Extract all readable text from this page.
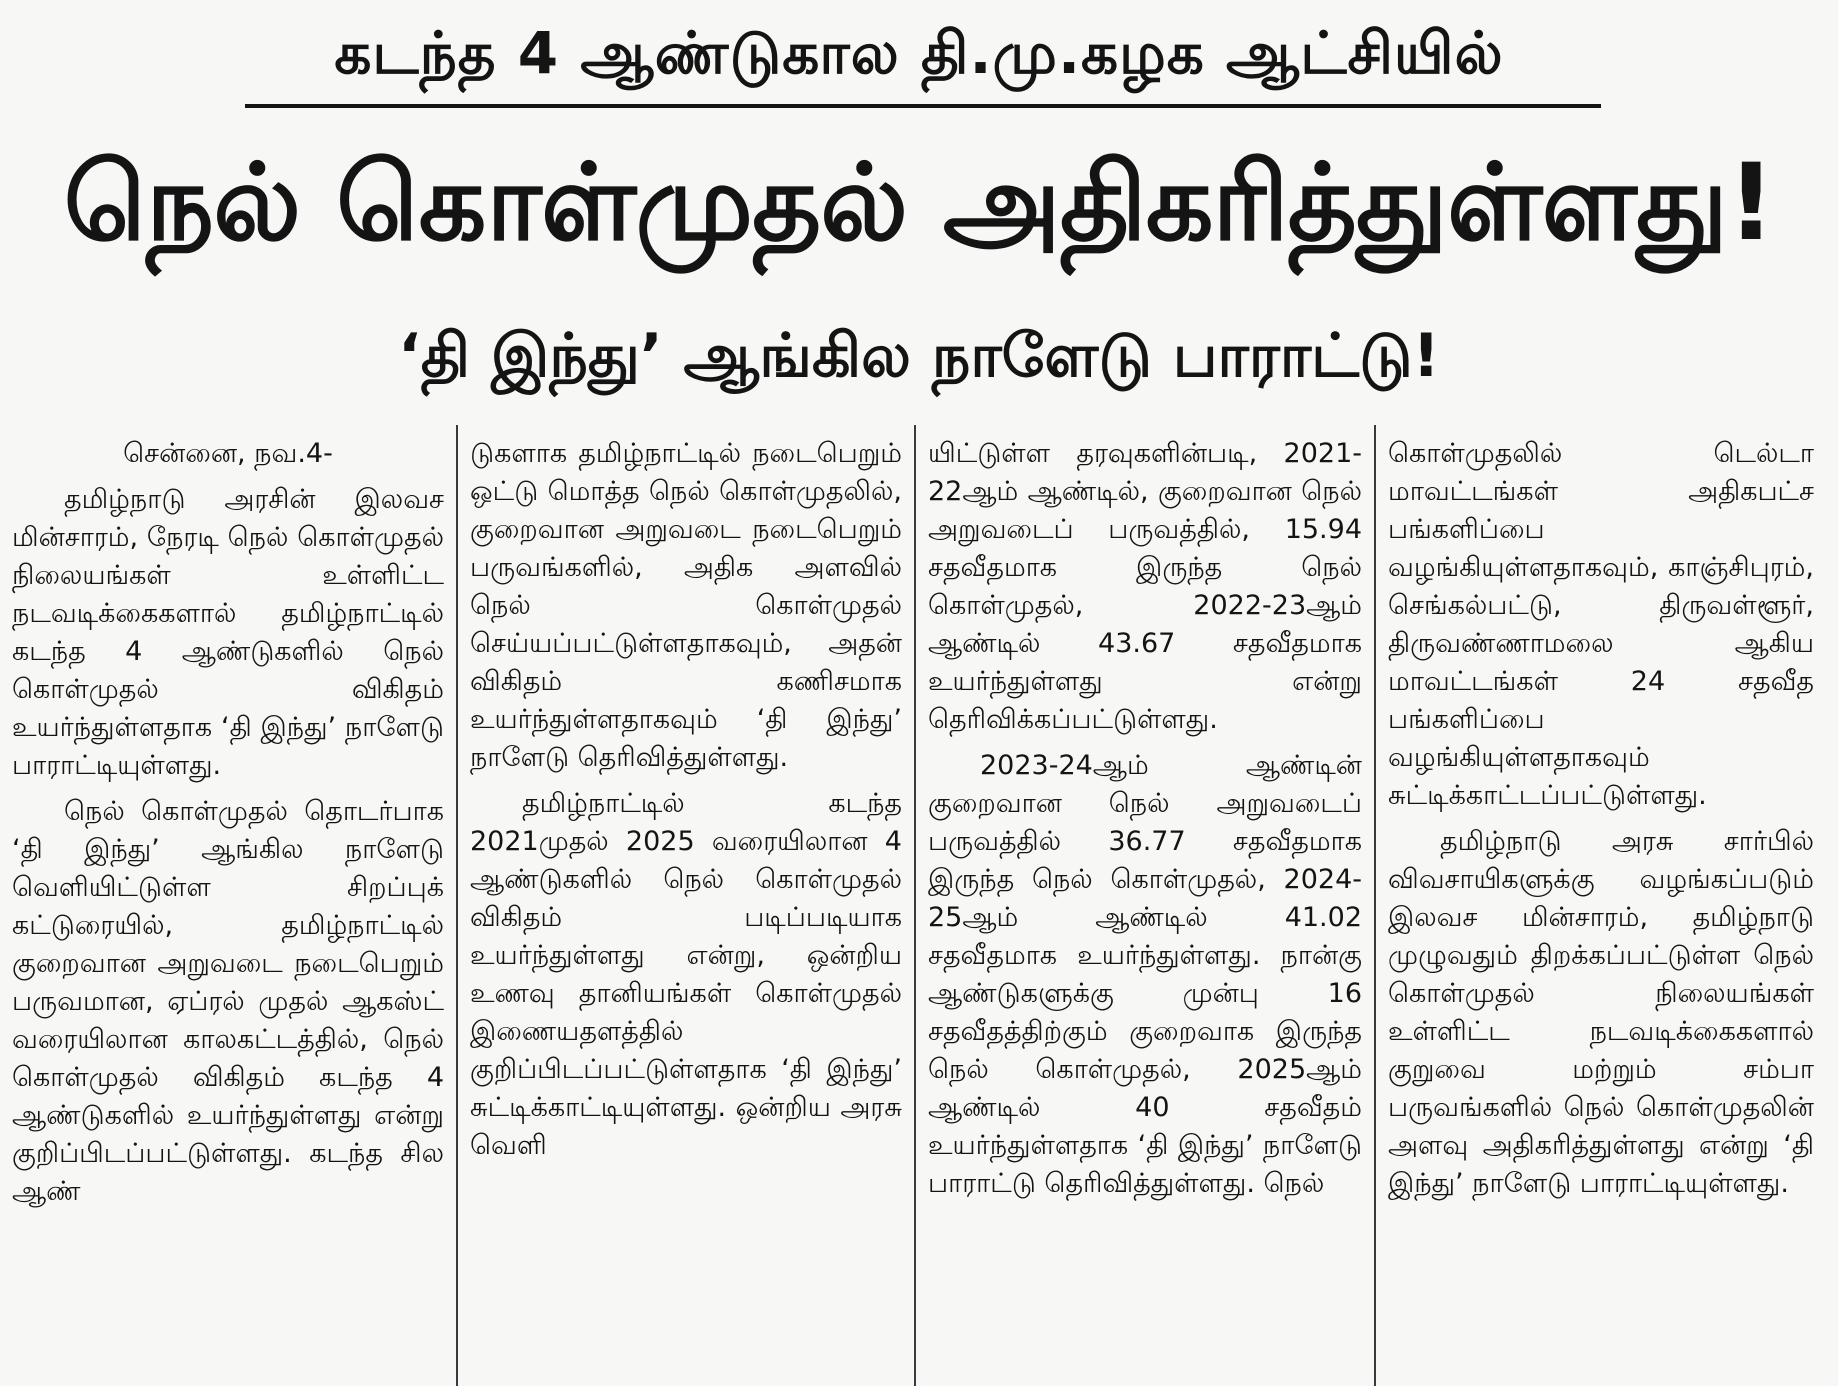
கடந்த 4 ஆண்டுகால தி.மு.கழக ஆட்சியில்
நெல் கொள்முதல் அதிகரித்துள்ளது!
‘தி இந்து’ ஆங்கில நாளேடு பாராட்டு!

சென்னை, நவ.4-

தமிழ்நாடு அரசின் இலவச மின்சாரம், நேரடி நெல் கொள்முதல் நிலையங்கள் உள்ளிட்ட நடவடிக்கைகளால் தமிழ்நாட்டில் கடந்த 4 ஆண்டுகளில் நெல் கொள்முதல் விகிதம் உயர்ந்துள்ளதாக ‘தி இந்து’ நாளேடு பாராட்டியுள்ளது.

நெல் கொள்முதல் தொடர்பாக ‘தி இந்து’ ஆங்கில நாளேடு வெளியிட்டுள்ள சிறப்புக் கட்டுரையில், தமிழ்நாட்டில் குறைவான அறுவடை நடைபெறும் பருவமான, ஏப்ரல் முதல் ஆகஸ்ட் வரையிலான காலகட்டத்தில், நெல் கொள்முதல் விகிதம் கடந்த 4 ஆண்டுகளில் உயர்ந்துள்ளது என்று குறிப்பிடப்பட்டுள்ளது. கடந்த சில ஆண்

டுகளாக தமிழ்நாட்டில் நடைபெறும் ஒட்டு மொத்த நெல் கொள்முதலில், குறைவான அறுவடை நடைபெறும் பருவங்களில், அதிக அளவில் நெல் கொள்முதல் செய்யப்பட்டுள்ளதாகவும், அதன் விகிதம் கணிசமாக உயர்ந்துள்ளதாகவும் ‘தி இந்து’ நாளேடு தெரிவித்துள்ளது.

தமிழ்நாட்டில் கடந்த 2021முதல் 2025 வரையிலான 4 ஆண்டுகளில் நெல் கொள்முதல் விகிதம் படிப்படியாக உயர்ந்துள்ளது என்று, ஒன்றிய உணவு தானியங்கள் கொள்முதல் இணையதளத்தில் குறிப்பிடப்பட்டுள்ளதாக ‘தி இந்து’ சுட்டிக்காட்டியுள்ளது. ஒன்றிய அரசு வெளி

யிட்டுள்ள தரவுகளின்படி, 2021-22ஆம் ஆண்டில், குறைவான நெல் அறுவடைப் பருவத்தில், 15.94 சதவீதமாக இருந்த நெல் கொள்முதல், 2022-23ஆம் ஆண்டில் 43.67 சதவீதமாக உயர்ந்துள்ளது என்று தெரிவிக்கப்பட்டுள்ளது.

2023-24ஆம் ஆண்டின் குறைவான நெல் அறுவடைப் பருவத்தில் 36.77 சதவீதமாக இருந்த நெல் கொள்முதல், 2024-25ஆம் ஆண்டில் 41.02 சதவீதமாக உயர்ந்துள்ளது. நான்கு ஆண்டுகளுக்கு முன்பு 16 சதவீதத்திற்கும் குறைவாக இருந்த நெல் கொள்முதல், 2025ஆம் ஆண்டில் 40 சதவீதம் உயர்ந்துள்ளதாக ‘தி இந்து’ நாளேடு பாராட்டு தெரிவித்துள்ளது. நெல்

கொள்முதலில் டெல்டா மாவட்டங்கள் அதிகபட்ச பங்களிப்பை வழங்கியுள்ளதாகவும், காஞ்சிபுரம், செங்கல்பட்டு, திருவள்ளூர், திருவண்ணாமலை ஆகிய மாவட்டங்கள் 24 சதவீத பங்களிப்பை வழங்கியுள்ளதாகவும் சுட்டிக்காட்டப்பட்டுள்ளது.

தமிழ்நாடு அரசு சார்பில் விவசாயிகளுக்கு வழங்கப்படும் இலவச மின்சாரம், தமிழ்நாடு முழுவதும் திறக்கப்பட்டுள்ள நெல் கொள்முதல் நிலையங்கள் உள்ளிட்ட நடவடிக்கைகளால் குறுவை மற்றும் சம்பா பருவங்களில் நெல் கொள்முதலின் அளவு அதிகரித்துள்ளது என்று ‘தி இந்து’ நாளேடு பாராட்டியுள்ளது.
